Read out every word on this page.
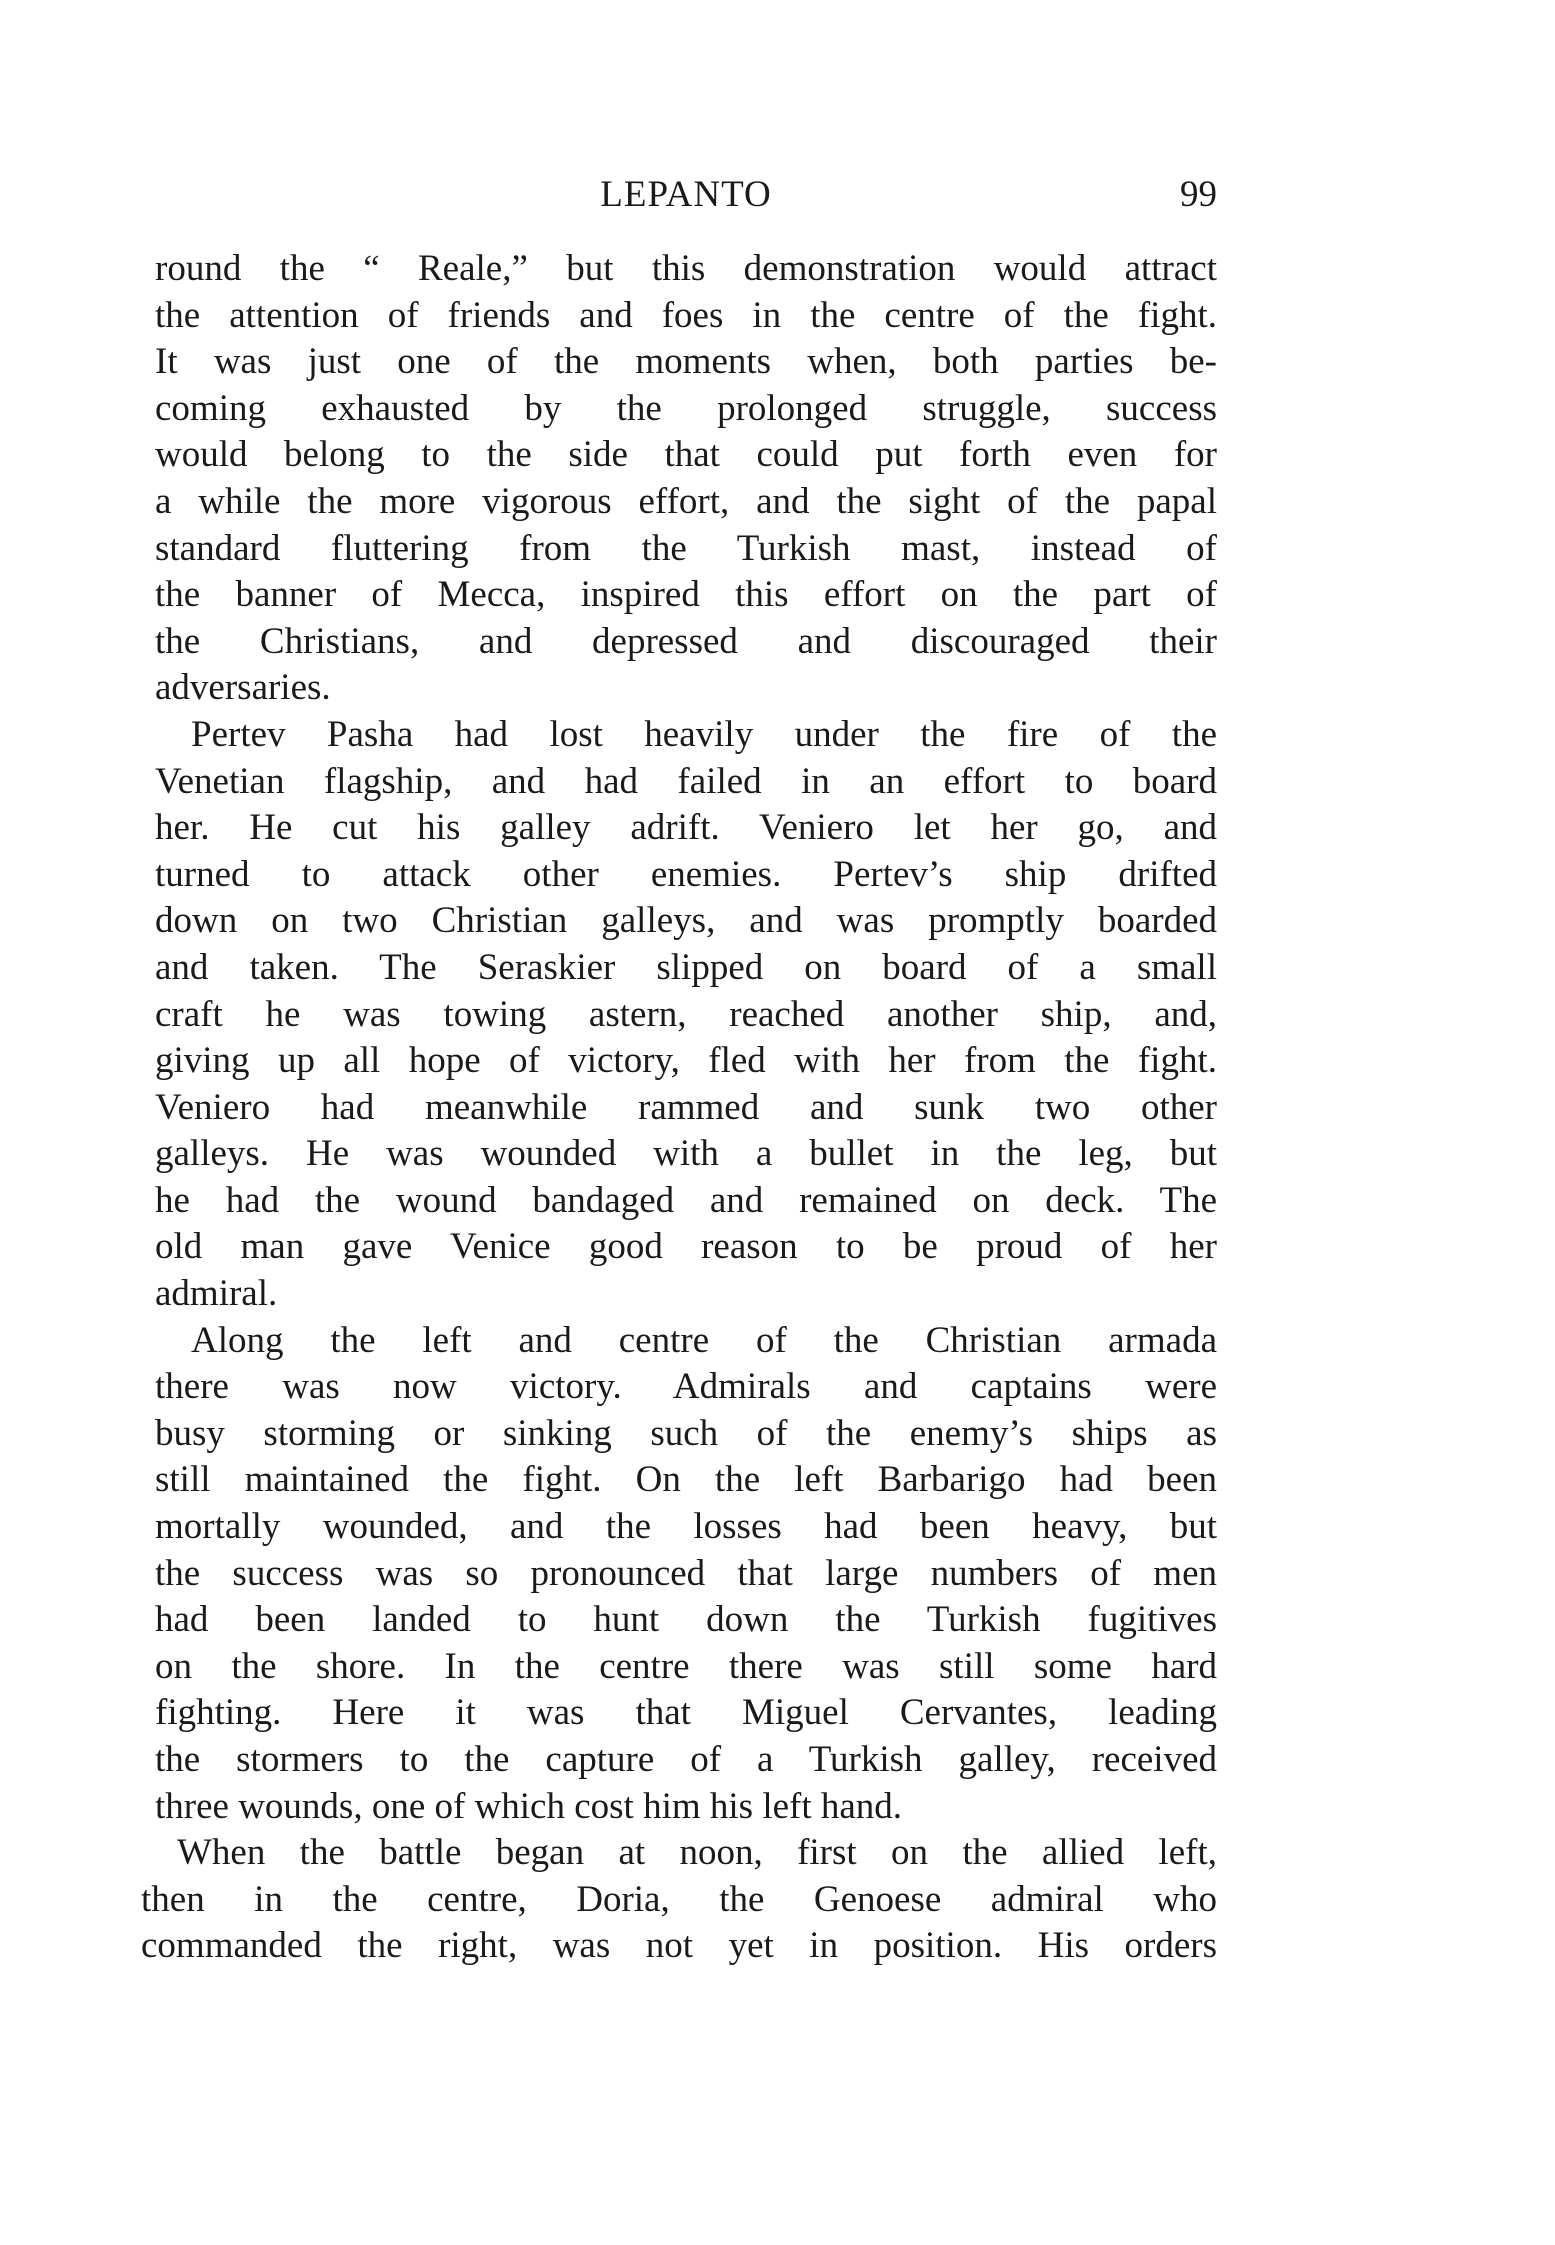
LEPANTO	99
round the “ Reale,” but this demonstration would attract
the attention of friends and foes in the centre of the fight.
It was just one of the moments when, both parties be-
coming exhausted by the prolonged struggle, success
would belong to the side that could put forth even for
a while the more vigorous effort, and the sight of the papal
standard fluttering from the Turkish mast, instead of
the banner of Mecca, inspired this effort on the part of
the Christians, and depressed and discouraged their
adversaries.
Pertev Pasha had lost heavily under the fire of the
Venetian flagship, and had failed in an effort to board
her. He cut his galley adrift. Veniero let her go, and
turned to attack other enemies. Pertev’s ship drifted
down on two Christian galleys, and was promptly boarded
and taken. The Seraskier slipped on board of a small
craft he was towing astern, reached another ship, and,
giving up all hope of victory, fled with her from the fight.
Veniero had meanwhile rammed and sunk two other
galleys. He was wounded with a bullet in the leg, but
he had the wound bandaged and remained on deck. The
old man gave Venice good reason to be proud of her
admiral.
Along the left and centre of the Christian armada
there was now victory. Admirals and captains were
busy storming or sinking such of the enemy’s ships as
still maintained the fight. On the left Barbarigo had been
mortally wounded, and the losses had been heavy, but
the success was so pronounced that large numbers of men
had been landed to hunt down the Turkish fugitives
on the shore. In the centre there was still some hard
fighting. Here it was that Miguel Cervantes, leading
the stormers to the capture of a Turkish galley, received
three wounds, one of which cost him his left hand.
When the battle began at noon, first on the allied left,
then in the centre, Doria, the Genoese admiral who
commanded the right, was not yet in position. His orders
